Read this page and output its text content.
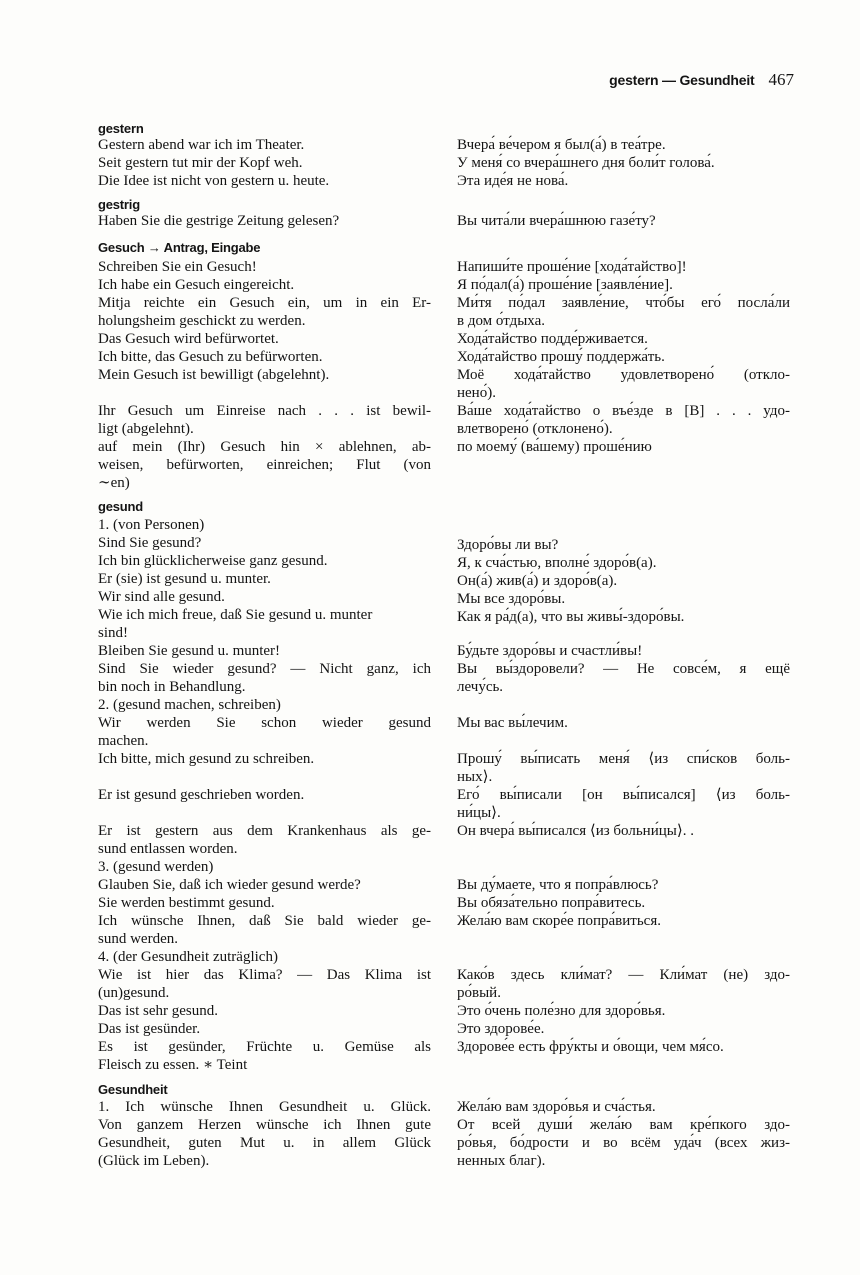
gestern — Gesundheit 467
gestern
Gestern abend war ich im Theater.	Вчера́ ве́чером я был(а́) в теа́тре.
Seit gestern tut mir der Kopf weh.	У меня́ со вчера́шнего дня боли́т голова́.
Die Idee ist nicht von gestern u. heute.	Эта иде́я не нова́.
gestrig
Haben Sie die gestrige Zeitung gelesen?	Вы чита́ли вчера́шнюю газе́ту?
Gesuch → Antrag, Eingabe
Schreiben Sie ein Gesuch!	Напиши́те проше́ние [хода́тайство]!
Ich habe ein Gesuch eingereicht.	Я по́дал(а́) проше́ние [заявле́ние].
Mitja reichte ein Gesuch ein, um in ein Er- Ми́тя по́дал заявле́ние, что́бы его́ посла́ли
holungsheim geschickt zu werden.	в дом о́тдыха.
Das Gesuch wird befürwortet.	Хода́тайство подде́рживается.
Ich bitte, das Gesuch zu befürworten.	Хода́тайство прошу́ поддержа́ть.
Mein Gesuch ist bewilligt (abgelehnt).	Моё хода́тайство удовлетворено́ (откло-
нено́).
Ihr Gesuch um Einreise nach . . . ist bewil- Ва́ше хода́тайство о въе́зде в [В] . . . удо-
ligt (abgelehnt).	влетворено́ (отклонено́).
auf mein (Ihr) Gesuch hin × ablehnen, ab- по моему́ (ва́шему) проше́нию
weisen, befürworten, einreichen; Flut (von
∼en)
gesund
1. (von Personen)
Sind Sie gesund?	Здоро́вы ли вы?
Ich bin glücklicherweise ganz gesund.	Я, к сча́стью, вполне́ здоро́в(а).
Er (sie) ist gesund u. munter.	Он(а́) жив(а́) и здоро́в(а).
Wir sind alle gesund.	Мы все здоро́вы.
Wie ich mich freue, daß Sie gesund u. munter	Как я ра́д(а), что вы живы́-здоро́вы.
sind!
Bleiben Sie gesund u. munter!	Бу́дьте здоро́вы и счастли́вы!
Sind Sie wieder gesund? — Nicht ganz, ich Вы вы́здоровели? — Не совсе́м, я ещё
bin noch in Behandlung.	лечу́сь.
2. (gesund machen, schreiben)
Wir werden Sie schon wieder gesund Мы вас вы́лечим.
machen.
Ich bitte, mich gesund zu schreiben.	Прошу́ вы́писать меня́ ⟨из спи́сков боль-
ных⟩.
Er ist gesund geschrieben worden.	Его́ вы́писали [он вы́писался] ⟨из боль-
ни́цы⟩.
Er ist gestern aus dem Krankenhaus als ge- Он вчера́ вы́писался ⟨из больни́цы⟩. .
sund entlassen worden.
3. (gesund werden)
Glauben Sie, daß ich wieder gesund werde?	Вы ду́маете, что я попра́влюсь?
Sie werden bestimmt gesund.	Вы обяза́тельно попра́витесь.
Ich wünsche Ihnen, daß Sie bald wieder ge- Жела́ю вам скоре́е попра́виться.
sund werden.
4. (der Gesundheit zuträglich)
Wie ist hier das Klima? — Das Klima ist Како́в здесь кли́мат? — Кли́мат (не) здо-
(un)gesund.	ро́вый.
Das ist sehr gesund.	Это о́чень поле́зно для здоро́вья.
Das ist gesünder.	Это здорове́е.
Es ist gesünder, Früchte u. Gemüse als Здорове́е есть фру́кты и о́вощи, чем мя́со.
Fleisch zu essen. ∗ Teint
Gesundheit
1. Ich wünsche Ihnen Gesundheit u. Glück. Жела́ю вам здоро́вья и сча́стья.
Von ganzem Herzen wünsche ich Ihnen gute От всей души́ жела́ю вам кре́пкого здо-
Gesundheit, guten Mut u. in allem Glück ро́вья, бо́дрости и во всём уда́ч (всех жиз-
(Glück im Leben).	ненных благ).
